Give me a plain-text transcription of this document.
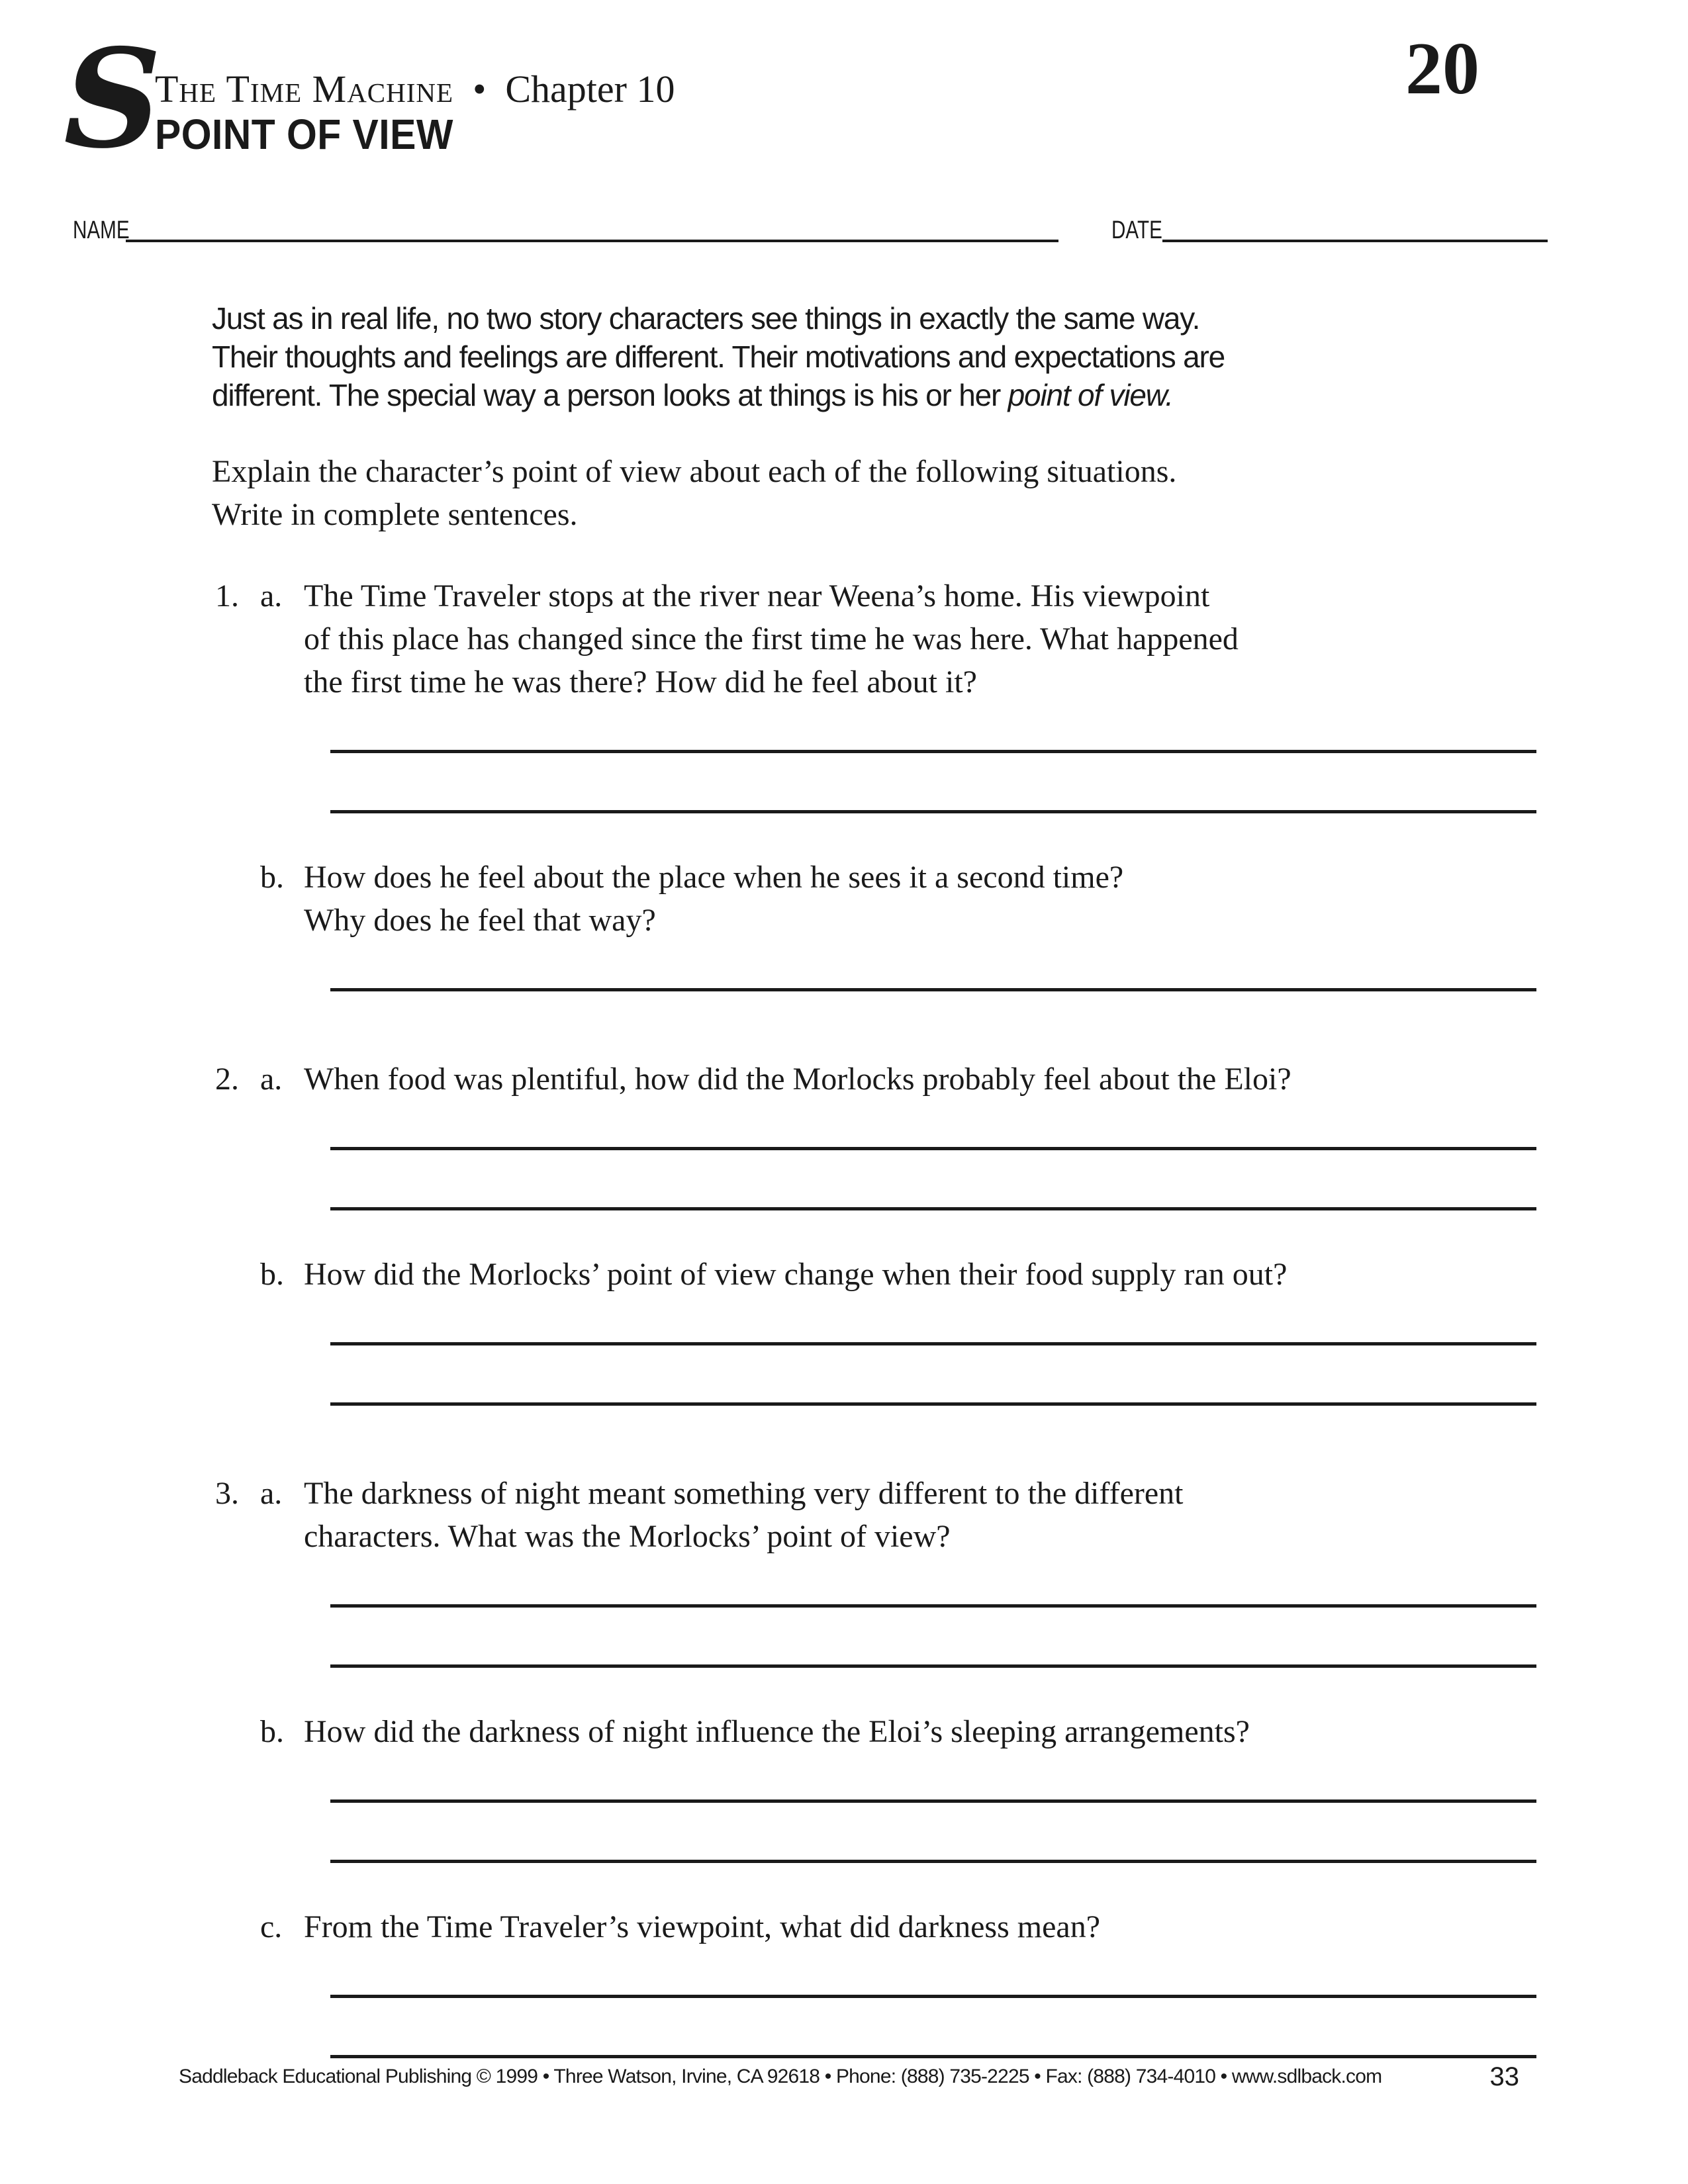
S
The Time Machine • Chapter 10
POINT OF VIEW
20
NAME	DATE
Just as in real life, no two story characters see things in exactly the same way.
Their thoughts and feelings are different. Their motivations and expectations are
different. The special way a person looks at things is his or her point of view.
Explain the character’s point of view about each of the following situations.
Write in complete sentences.
1. a. The Time Traveler stops at the river near Weena’s home. His viewpoint
of this place has changed since the first time he was here. What happened
the first time he was there? How did he feel about it?
b. How does he feel about the place when he sees it a second time?
Why does he feel that way?
2. a. When food was plentiful, how did the Morlocks probably feel about the Eloi?
b. How did the Morlocks’ point of view change when their food supply ran out?
3. a. The darkness of night meant something very different to the different
characters. What was the Morlocks’ point of view?
b. How did the darkness of night influence the Eloi’s sleeping arrangements?
c. From the Time Traveler’s viewpoint, what did darkness mean?
Saddleback Educational Publishing © 1999 • Three Watson, Irvine, CA 92618 • Phone: (888) 735-2225 • Fax: (888) 734-4010 • www.sdlback.com	33
